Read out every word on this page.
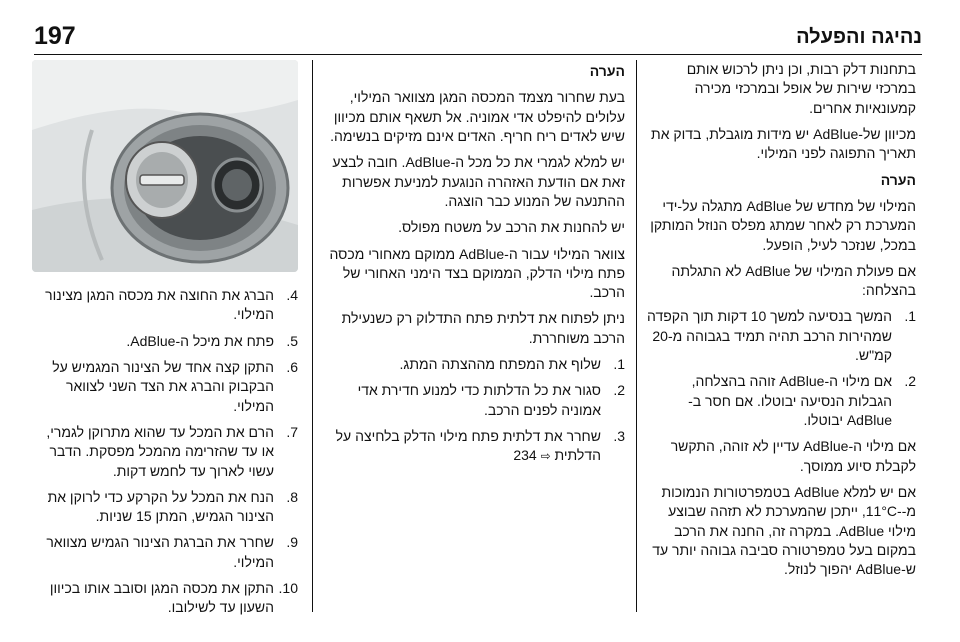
197	נהיגה והפעלה

בתחנות דלק רבות, וכן ניתן לרכוש אותם במרכזי שירות של אופל ובמרכזי מכירה קמעונאיות אחרים.

מכיוון של-AdBlue יש מידות מוגבלת, בדוק את תאריך התפוגה לפני המילוי.

הערה

המילוי של מחדש של AdBlue מתגלה על-ידי המערכת רק לאחר שמתג מפלס הנוזל המותקן במכל, שנזכר לעיל, הופעל.

אם פעולת המילוי של AdBlue לא התגלתה בהצלחה:

1.
המשך בנסיעה למשך 10 דקות תוך הקפדה שמהירות הרכב תהיה תמיד בגבוהה מ-20 קמ"ש.
2.
אם מילוי ה-AdBlue זוהה בהצלחה, הגבלות הנסיעה יבוטלו. אם חסר ב-AdBlue יבוטלו.

אם מילוי ה-AdBlue עדיין לא זוהה, התקשר לקבלת סיוע ממוסך.

אם יש למלא AdBlue בטמפרטורות הנמוכות מ-‎11°C-‎, ייתכן שהמערכת לא תזהה שבוצע מילוי AdBlue. במקרה זה, החנה את הרכב במקום בעל טמפרטורה סביבה גבוהה יותר עד ש-AdBlue יהפוך לנוזל.

הערה

בעת שחרור מצמד המכסה המגן מצוואר המילוי, עלולים להיפלט אדי אמוניה. אל תשאף אותם מכיוון שיש לאדים ריח חריף. האדים אינם מזיקים בנשימה.

יש למלא לגמרי את כל מכל ה-AdBlue. חובה לבצע זאת אם הודעת האזהרה הנוגעת למניעת אפשרות ההתנעה של המנוע כבר הוצגה.

יש להחנות את הרכב על משטח מפולס.

צוואר המילוי עבור ה-AdBlue ממוקם מאחורי מכסה פתח מילוי הדלק, הממוקם בצד הימני האחורי של הרכב.

ניתן לפתוח את דלתית פתח התדלוק רק כשנעילת הרכב משוחררת.

1.
שלוף את המפתח מההצתה המתג.
2.
סגור את כל הדלתות כדי למנוע חדירת אדי אמוניה לפנים הרכב.
3.
שחרר את דלתית פתח מילוי הדלק בלחיצה על הדלתית ⇨ 234
4.
הברג את החוצה את מכסה המגן מצינור המילוי.
5.
פתח את מיכל ה-AdBlue.
6.
התקן קצה אחד של הצינור המגמיש על הבקבוק והברג את הצד השני לצוואר המילוי.
7.
הרם את המכל עד שהוא מתרוקן לגמרי, או עד שהזרימה מהמכל מפסקת. הדבר עשוי לארוך עד לחמש דקות.
8.
הנח את המכל על הקרקע כדי לרוקן את הצינור הגמיש, המתן 15 שניות.
9.
שחרר את הברגת הצינור הגמיש מצוואר המילוי.
10.
התקן את מכסה המגן וסובב אותו בכיוון השעון עד לשילובו.
